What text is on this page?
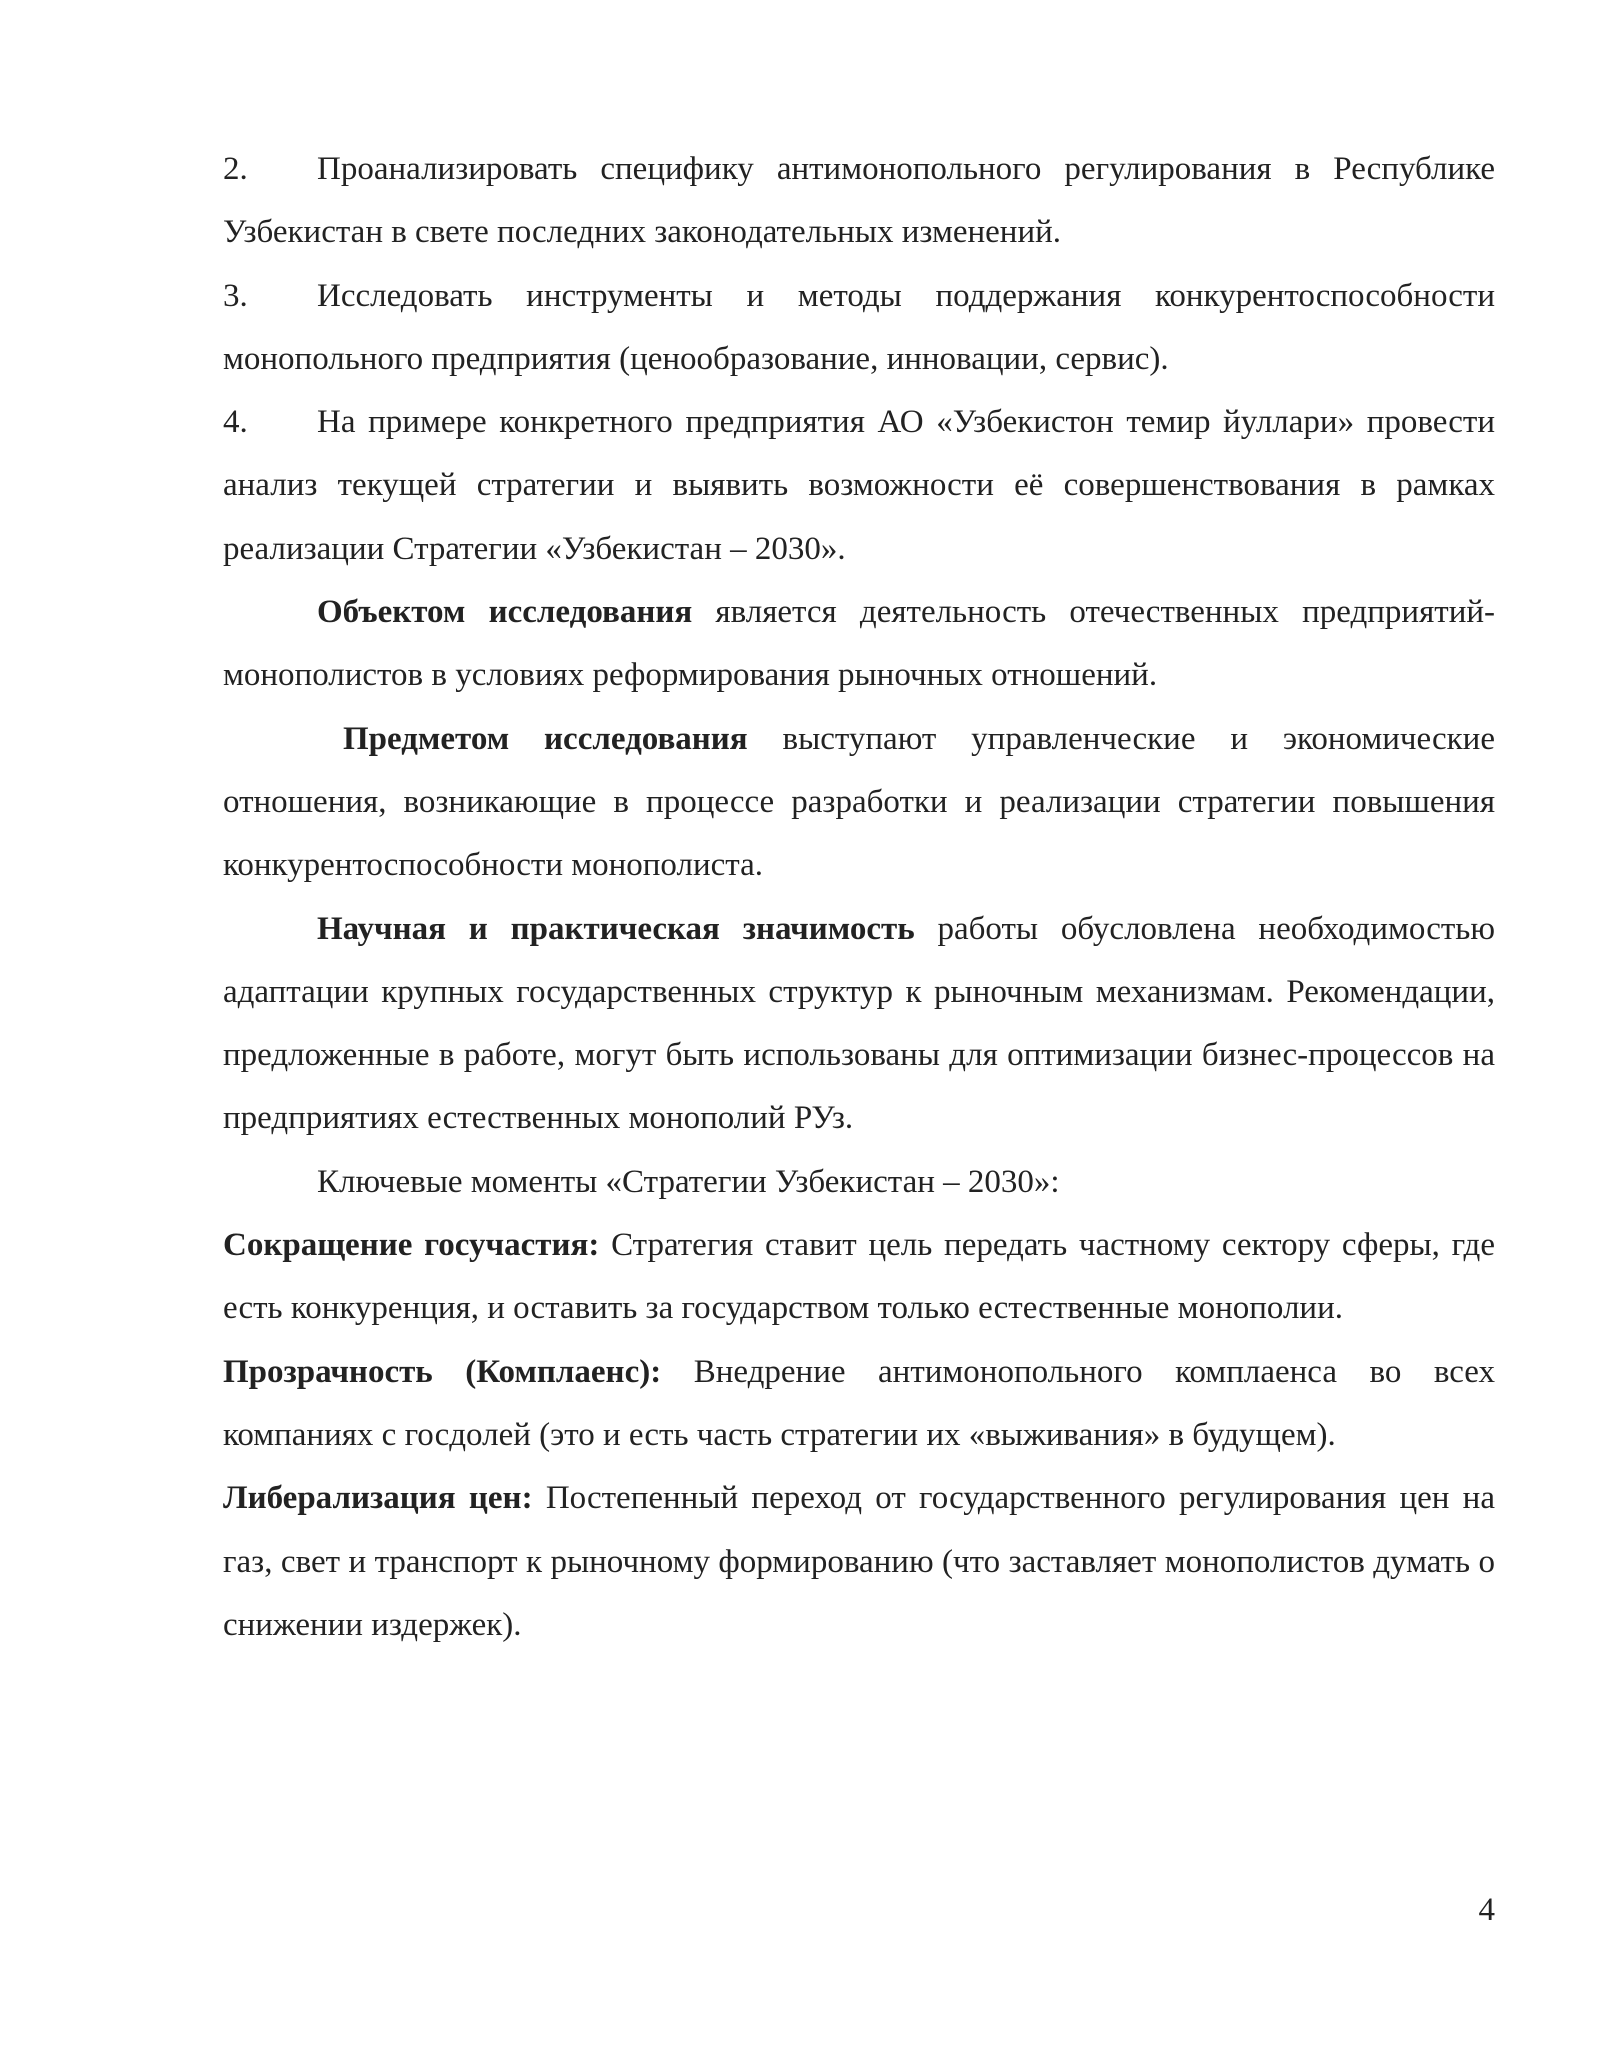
2. Проанализировать специфику антимонопольного регулирования в Республике Узбекистан в свете последних законодательных изменений.

3. Исследовать инструменты и методы поддержания конкурентоспособности монопольного предприятия (ценообразование, инновации, сервис).

4. На примере конкретного предприятия АО «Узбекистон темир йуллари» провести анализ текущей стратегии и выявить возможности её совершенствования в рамках реализации Стратегии «Узбекистан – 2030».

Объектом исследования является деятельность отечественных предприятий-монополистов в условиях реформирования рыночных отношений.

Предметом исследования выступают управленческие и экономические отношения, возникающие в процессе разработки и реализации стратегии повышения конкурентоспособности монополиста.

Научная и практическая значимость работы обусловлена необходимостью адаптации крупных государственных структур к рыночным механизмам. Рекомендации, предложенные в работе, могут быть использованы для оптимизации бизнес-процессов на предприятиях естественных монополий РУз.

Ключевые моменты «Стратегии Узбекистан – 2030»:

Сокращение госучастия: Стратегия ставит цель передать частному сектору сферы, где есть конкуренция, и оставить за государством только естественные монополии.

Прозрачность (Комплаенс): Внедрение антимонопольного комплаенса во всех компаниях с госдолей (это и есть часть стратегии их «выживания» в будущем).

Либерализация цен: Постепенный переход от государственного регулирования цен на газ, свет и транспорт к рыночному формированию (что заставляет монополистов думать о снижении издержек).

4
